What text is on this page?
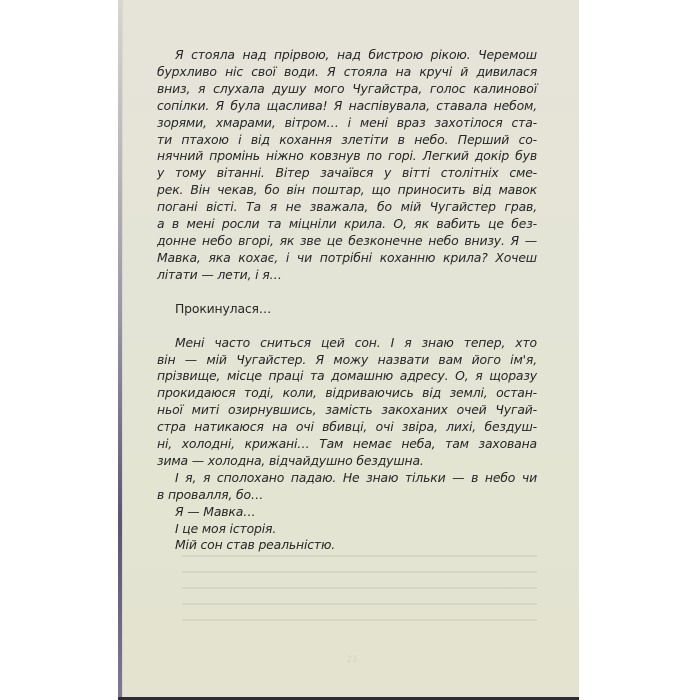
Я стояла над прірвою, над бистрою рікою. Черемош
бурхливо ніс свої води. Я стояла на кручі й дивилася
вниз, я слухала душу мого Чугайстра, голос калинової
сопілки. Я була щаслива! Я наспівувала, ставала небом,
зорями, хмарами, вітром… і мені враз захотілося ста-
ти птахою і від кохання злетіти в небо. Перший со-
нячний промінь ніжно ковзнув по горі. Легкий докір був
у тому вітанні. Вітер зачаївся у вітті столітніх сме-
рек. Він чекав, бо він поштар, що приносить від мавок
погані вісті. Та я не зважала, бо мій Чугайстер грав,
а в мені росли та міцніли крила. О, як вабить це без-
донне небо вгорі, як зве це безконечне небо внизу. Я —
Мавка, яка кохає, і чи потрібні коханню крила? Хочеш
літати — лети, і я…
Прокинулася…
Мені часто сниться цей сон. І я знаю тепер, хто
він — мій Чугайстер. Я можу назвати вам його ім'я,
прізвище, місце праці та домашню адресу. О, я щоразу
прокидаюся тоді, коли, відриваючись від землі, остан-
ньої миті озирнувшись, замість закоханих очей Чугай-
стра натикаюся на очі вбивці, очі звіра, лихі, бездуш-
ні, холодні, крижані… Там немає неба, там захована
зима — холодна, відчайдушно бездушна.
І я, я сполохано падаю. Не знаю тільки — в небо чи
в провалля, бо…
Я — Мавка…
І це моя історія.
Мій сон став реальністю.
21
